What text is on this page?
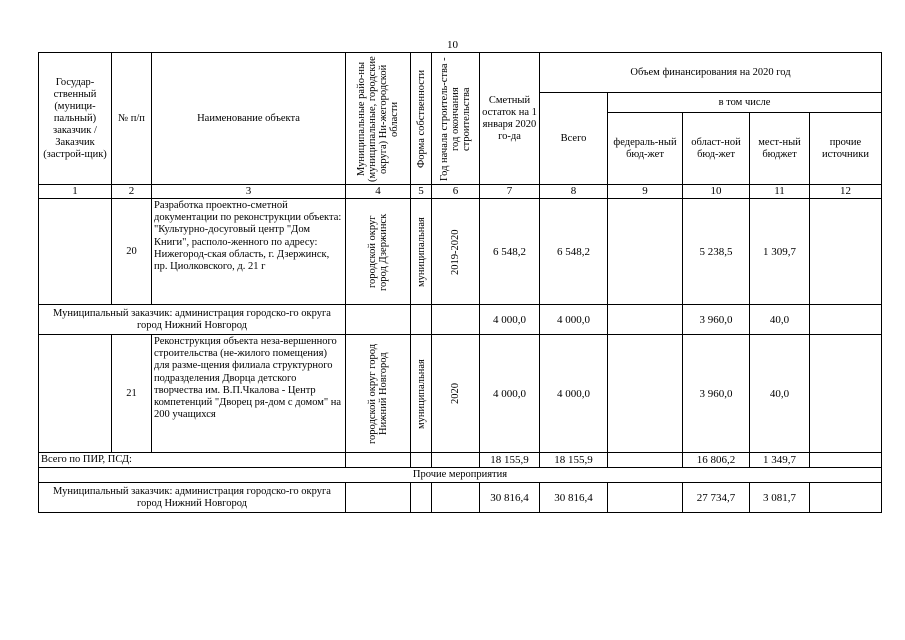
10
Государ-ственный (муници-пальный) заказчик / Заказчик (застрой-щик)	№ п/п	Наименование объекта	Муниципальные райо-ны (муниципальные, городские округа) Ни-жегородской области	Форма собственности	Год начала строитель-ства - год окончания строительства	Сметный остаток на 1 января 2020 го-да	Объем финансирования на 2020 год				
							Всего	в том числе			
								федераль-ный бюд-жет	област-ной бюд-жет	мест-ный бюджет	прочие источники
1	2	3	4	5	6	7	8	9	10	11	12
	20	Разработка проектно-сметной документации по реконструкции объекта: "Культурно-досуговый центр "Дом Книги", располо-женного по адресу: Нижегород-ская область, г. Дзержинск, пр. Циолковского, д. 21 г	городской округ город Дзержинск	муниципальная	2019-2020	6 548,2	6 548,2		5 238,5	1 309,7	
Муниципальный заказчик: администрация городско-го округа город Нижний Новгород						4 000,0	4 000,0		3 960,0	40,0	
	21	Реконструкция объекта неза-вершенного строительства (не-жилого помещения) для разме-щения филиала структурного подразделения Дворца детского творчества им. В.П.Чкалова - Центр компетенций "Дворец ря-дом с домом" на 200 учащихся	городской округ город Нижний Новгород	муниципальная	2020	4 000,0	4 000,0		3 960,0	40,0	
Всего по ПИР, ПСД:						18 155,9	18 155,9		16 806,2	1 349,7	
Прочие мероприятия											
Муниципальный заказчик: администрация городско-го округа город Нижний Новгород						30 816,4	30 816,4		27 734,7	3 081,7	
